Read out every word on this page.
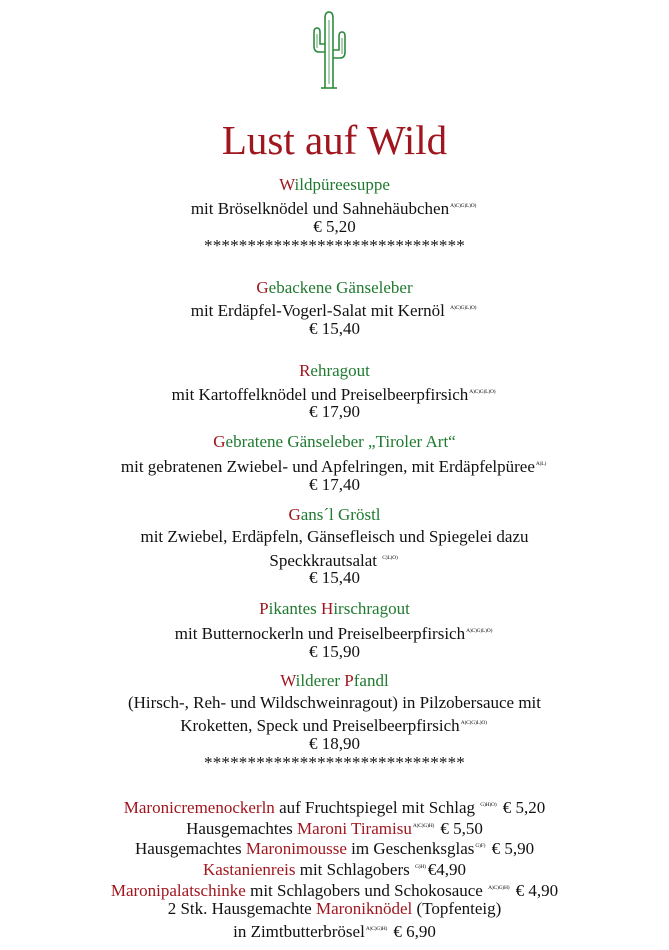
Lust auf Wild
Wildpüreesuppe
mit Bröselknödel und Sahnehäubchen$^{A)C)G)L)O)}$
€ 5,20
******************************
Gebackene Gänseleber
mit Erdäpfel-Vogerl-Salat mit Kernöl $^{A)C)G)L)O)}$
€ 15,40
Rehragout
mit Kartoffelknödel und Preiselbeerpfirsich$^{A)C)G)L)O)}$
€ 17,90
Gebratene Gänseleber „Tiroler Art“
mit gebratenen Zwiebel- und Apfelringen, mit Erdäpfelpüree$^{A)L)}$
€ 17,40
Gans´l Gröstl
mit Zwiebel, Erdäpfeln, Gänsefleisch und Spiegelei dazu
Speckkrautsalat $^{C)L)O)}$
€ 15,40
Pikantes Hirschragout
mit Butternockerln und Preiselbeerpfirsich$^{A)C)G)L)O)}$
€ 15,90
Wilderer Pfandl
(Hirsch-, Reh- und Wildschweinragout) in Pilzobersauce mit
Kroketten, Speck und Preiselbeerpfirsich$^{A)C)G)L)O)}$
€ 18,90
******************************
Maronicremenockerln auf Fruchtspiegel mit Schlag $^{G)H)O)}$ € 5,20
Hausgemachtes Maroni Tiramisu$^{A)C)G)H)}$ € 5,50
Hausgemachtes Maronimousse im Geschenksglas$^{G)F)}$ € 5,90
Kastanienreis mit Schlagobers $^{G)H)}$ €4,90
Maronipalatschinke mit Schlagobers und Schokosauce $^{A)C)G)H)}$ € 4,90
2 Stk. Hausgemachte Maroniknödel (Topfenteig)
in Zimtbutterbrösel$^{A)C)G)H)}$ € 6,90
